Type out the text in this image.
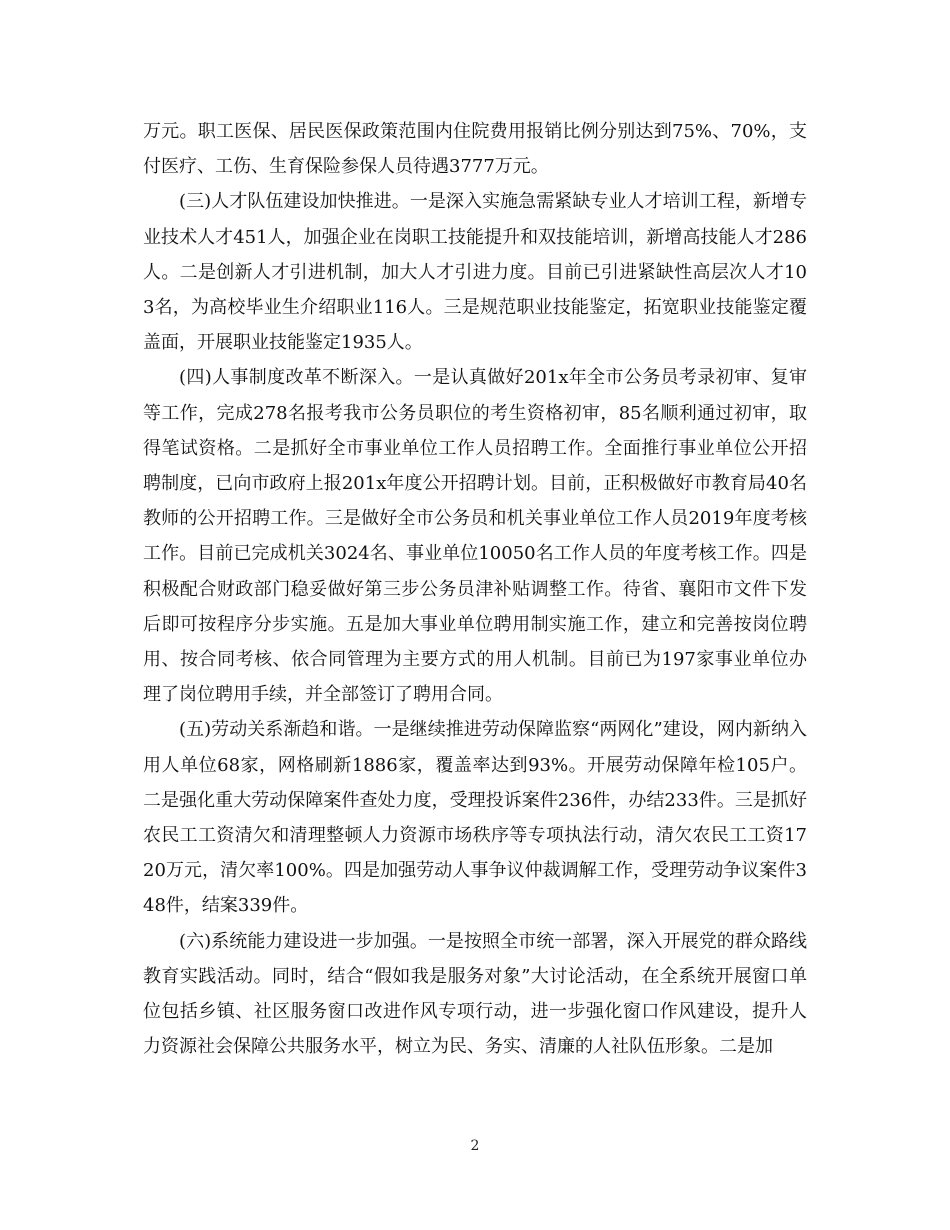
万元。职工医保、居民医保政策范围内住院费用报销比例分别达到75%、70%，支付医疗、工伤、生育保险参保人员待遇3777万元。

(三)人才队伍建设加快推进。一是深入实施急需紧缺专业人才培训工程，新增专业技术人才451人，加强企业在岗职工技能提升和双技能培训，新增高技能人才286人。二是创新人才引进机制，加大人才引进力度。目前已引进紧缺性高层次人才103名，为高校毕业生介绍职业116人。三是规范职业技能鉴定，拓宽职业技能鉴定覆盖面，开展职业技能鉴定1935人。

(四)人事制度改革不断深入。一是认真做好201x年全市公务员考录初审、复审等工作，完成278名报考我市公务员职位的考生资格初审，85名顺利通过初审，取得笔试资格。二是抓好全市事业单位工作人员招聘工作。全面推行事业单位公开招聘制度，已向市政府上报201x年度公开招聘计划。目前，正积极做好市教育局40名教师的公开招聘工作。三是做好全市公务员和机关事业单位工作人员2019年度考核工作。目前已完成机关3024名、事业单位10050名工作人员的年度考核工作。四是积极配合财政部门稳妥做好第三步公务员津补贴调整工作。待省、襄阳市文件下发后即可按程序分步实施。五是加大事业单位聘用制实施工作，建立和完善按岗位聘用、按合同考核、依合同管理为主要方式的用人机制。目前已为197家事业单位办理了岗位聘用手续，并全部签订了聘用合同。

(五)劳动关系渐趋和谐。一是继续推进劳动保障监察“两网化”建设，网内新纳入用人单位68家，网格刷新1886家，覆盖率达到93%。开展劳动保障年检105户。二是强化重大劳动保障案件查处力度，受理投诉案件236件，办结233件。三是抓好农民工工资清欠和清理整顿人力资源市场秩序等专项执法行动，清欠农民工工资1720万元，清欠率100%。四是加强劳动人事争议仲裁调解工作，受理劳动争议案件348件，结案339件。

(六)系统能力建设进一步加强。一是按照全市统一部署，深入开展党的群众路线教育实践活动。同时，结合“假如我是服务对象”大讨论活动，在全系统开展窗口单位包括乡镇、社区服务窗口改进作风专项行动，进一步强化窗口作风建设，提升人力资源社会保障公共服务水平，树立为民、务实、清廉的人社队伍形象。二是加

2
